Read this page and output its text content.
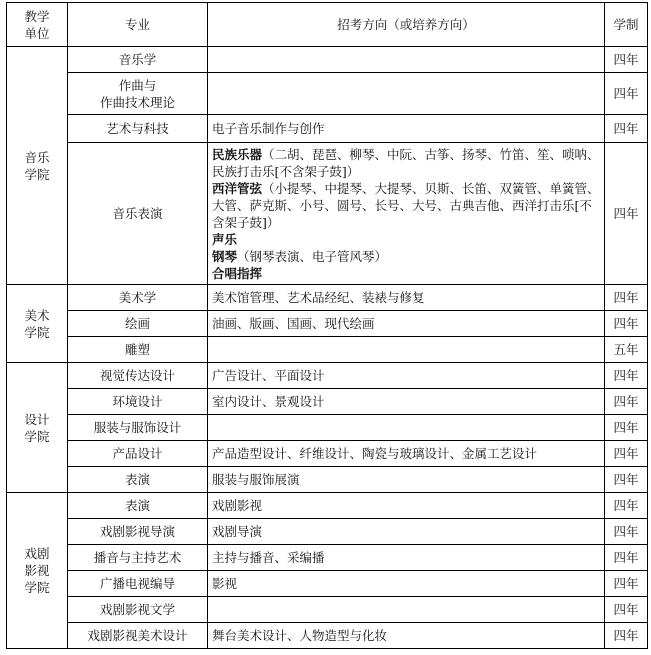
教学
单位	专业	招考方向（或培养方向）	学制

音乐
学院	音乐学		四年

	作曲与
作曲技术理论		四年
	艺术与科技	电子音乐制作与创作	四年
	音乐表演	民族乐器（二胡、琵琶、柳琴、中阮、古筝、扬琴、竹笛、笙、唢呐、民族打击乐[不含架子鼓]）
西洋管弦（小提琴、中提琴、大提琴、贝斯、长笛、双簧管、单簧管、大管、萨克斯、小号、圆号、长号、大号、古典吉他、西洋打击乐[不含架子鼓]）
声乐
钢琴（钢琴表演、电子管风琴）
合唱指挥	四年

美术
学院	美术学	美术馆管理、艺术品经纪、装裱与修复	四年
	绘画	油画、版画、国画、现代绘画	四年
	雕塑		五年

设计
学院	视觉传达设计	广告设计、平面设计	四年
	环境设计	室内设计、景观设计	四年
	服装与服饰设计		四年
	产品设计	产品造型设计、纤维设计、陶瓷与玻璃设计、金属工艺设计	四年
	表演	服装与服饰展演	四年

戏剧
影视
学院	表演	戏剧影视	四年
	戏剧影视导演	戏剧导演	四年
	播音与主持艺术	主持与播音、采编播	四年
	广播电视编导	影视	四年
	戏剧影视文学		四年
	戏剧影视美术设计	舞台美术设计、人物造型与化妆	四年
